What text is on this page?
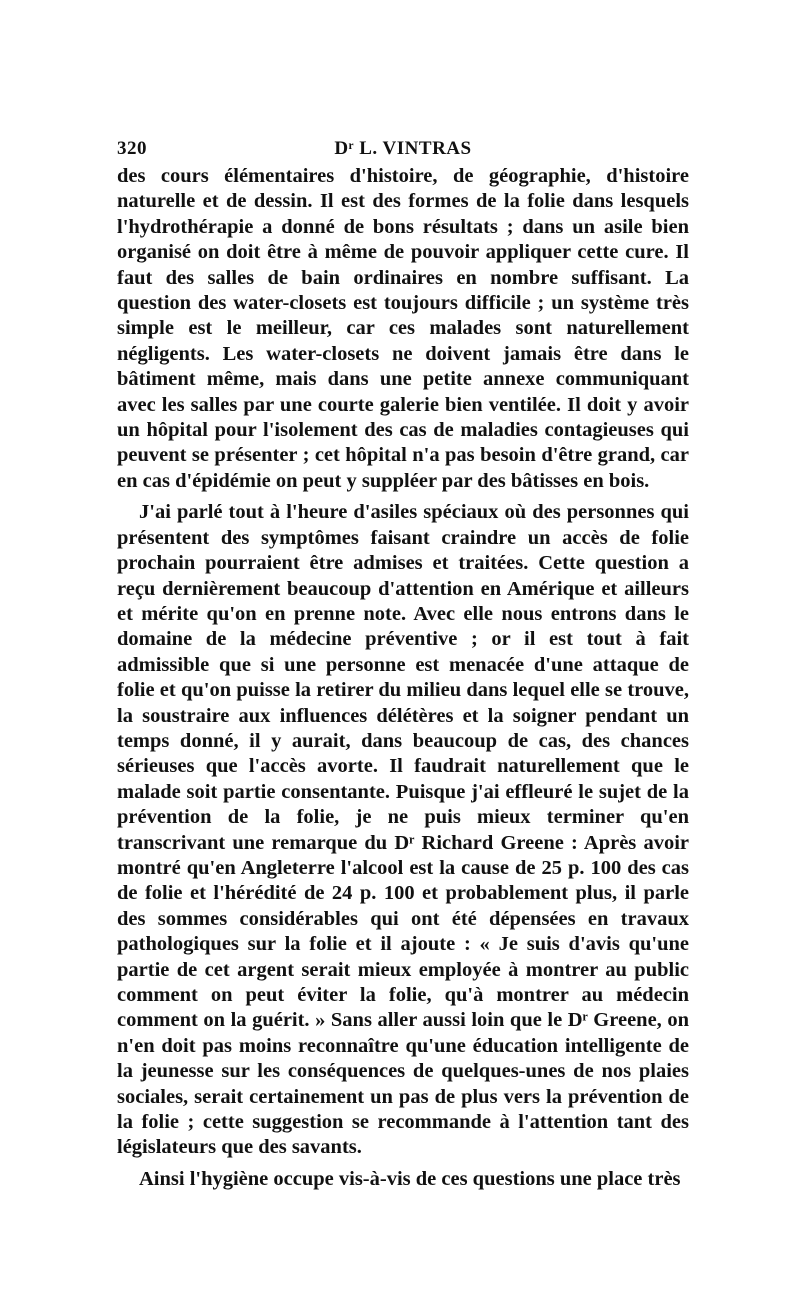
320	Dʳ L. VINTRAS

des cours élémentaires d'histoire, de géographie, d'histoire naturelle et de dessin. Il est des formes de la folie dans lesquels l'hydrothérapie a donné de bons résultats ; dans un asile bien organisé on doit être à même de pouvoir appliquer cette cure. Il faut des salles de bain ordinaires en nombre suffisant. La question des water-closets est toujours difficile ; un système très simple est le meilleur, car ces malades sont naturellement négligents. Les water-closets ne doivent jamais être dans le bâtiment même, mais dans une petite annexe communiquant avec les salles par une courte galerie bien ventilée. Il doit y avoir un hôpital pour l'isolement des cas de maladies contagieuses qui peuvent se présenter ; cet hôpital n'a pas besoin d'être grand, car en cas d'épidémie on peut y suppléer par des bâtisses en bois.

J'ai parlé tout à l'heure d'asiles spéciaux où des personnes qui présentent des symptômes faisant craindre un accès de folie prochain pourraient être admises et traitées. Cette question a reçu dernièrement beaucoup d'attention en Amérique et ailleurs et mérite qu'on en prenne note. Avec elle nous entrons dans le domaine de la médecine préventive ; or il est tout à fait admissible que si une personne est menacée d'une attaque de folie et qu'on puisse la retirer du milieu dans lequel elle se trouve, la soustraire aux influences délétères et la soigner pendant un temps donné, il y aurait, dans beaucoup de cas, des chances sérieuses que l'accès avorte. Il faudrait naturellement que le malade soit partie consentante. Puisque j'ai effleuré le sujet de la prévention de la folie, je ne puis mieux terminer qu'en transcrivant une remarque du Dʳ Richard Greene : Après avoir montré qu'en Angleterre l'alcool est la cause de 25 p. 100 des cas de folie et l'hérédité de 24 p. 100 et probablement plus, il parle des sommes considérables qui ont été dépensées en travaux pathologiques sur la folie et il ajoute : « Je suis d'avis qu'une partie de cet argent serait mieux employée à montrer au public comment on peut éviter la folie, qu'à montrer au médecin comment on la guérit. » Sans aller aussi loin que le Dʳ Greene, on n'en doit pas moins reconnaître qu'une éducation intelligente de la jeunesse sur les conséquences de quelques-unes de nos plaies sociales, serait certainement un pas de plus vers la prévention de la folie ; cette suggestion se recommande à l'attention tant des législateurs que des savants.

Ainsi l'hygiène occupe vis-à-vis de ces questions une place très
